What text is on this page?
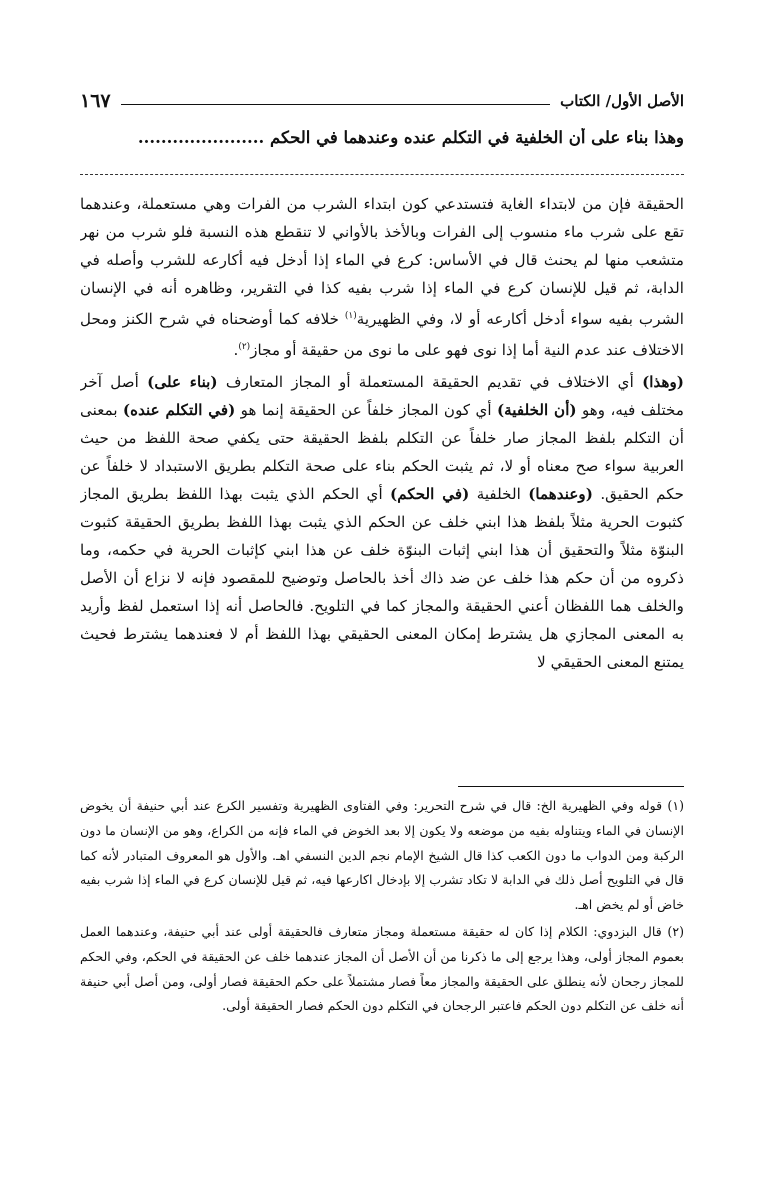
الأصل الأول/ الكتاب
١٦٧
وهذا بناء على أن الخلفية في التكلم عنده وعندهما في الحكم ......................

الحقيقة فإن من لابتداء الغاية فتستدعي كون ابتداء الشرب من الفرات وهي مستعملة، وعندهما تقع على شرب ماء منسوب إلى الفرات وبالأخذ بالأواني لا تنقطع هذه النسبة فلو شرب من نهر متشعب منها لم يحنث قال في الأساس: كرع في الماء إذا أدخل فيه أكارعه للشرب وأصله في الدابة، ثم قيل للإنسان كرع في الماء إذا شرب بفيه كذا في التقرير، وظاهره أنه في الإنسان الشرب بفيه سواء أدخل أكارعه أو لا، وفي الظهيرية$^{(١)}$ خلافه كما أوضحناه في شرح الكنز ومحل الاختلاف عند عدم النية أما إذا نوى فهو على ما نوى من حقيقة أو مجاز$^{(٢)}$.

(وهذا) أي الاختلاف في تقديم الحقيقة المستعملة أو المجاز المتعارف (بناء على) أصل آخر مختلف فيه، وهو (أن الخلفية) أي كون المجاز خلفاً عن الحقيقة إنما هو (في التكلم عنده) بمعنى أن التكلم بلفظ المجاز صار خلفاً عن التكلم بلفظ الحقيقة حتى يكفي صحة اللفظ من حيث العربية سواء صح معناه أو لا، ثم يثبت الحكم بناء على صحة التكلم بطريق الاستبداد لا خلفاً عن حكم الحقيق. (وعندهما) الخلفية (في الحكم) أي الحكم الذي يثبت بهذا اللفظ بطريق المجاز كثبوت الحرية مثلاً بلفظ هذا ابني خلف عن الحكم الذي يثبت بهذا اللفظ بطريق الحقيقة كثبوت البنوّة مثلاً والتحقيق أن هذا ابني إثبات البنوّة خلف عن هذا ابني كإثبات الحرية في حكمه، وما ذكروه من أن حكم هذا خلف عن ضد ذاك أخذ بالحاصل وتوضيح للمقصود فإنه لا نزاع أن الأصل والخلف هما اللفظان أعني الحقيقة والمجاز كما في التلويح. فالحاصل أنه إذا استعمل لفظ وأريد به المعنى المجازي هل يشترط إمكان المعنى الحقيقي بهذا اللفظ أم لا فعندهما يشترط فحيث يمتنع المعنى الحقيقي لا

(١) قوله وفي الظهيرية الخ: قال في شرح التحرير: وفي الفتاوى الظهيرية وتفسير الكرع عند أبي حنيفة أن يخوض الإنسان في الماء ويتناوله بفيه من موضعه ولا يكون إلا بعد الخوض في الماء فإنه من الكراع، وهو من الإنسان ما دون الركبة ومن الدواب ما دون الكعب كذا قال الشيخ الإمام نجم الدين النسفي اهـ. والأول هو المعروف المتبادر لأنه كما قال في التلويح أصل ذلك في الدابة لا تكاد تشرب إلا بإدخال اكارعها فيه، ثم قيل للإنسان كرع في الماء إذا شرب بفيه خاض أو لم يخض اهـ.

(٢) قال البزدوي: الكلام إذا كان له حقيقة مستعملة ومجاز متعارف فالحقيقة أولى عند أبي حنيفة، وعندهما العمل بعموم المجاز أولى، وهذا يرجع إلى ما ذكرنا من أن الأصل أن المجاز عندهما خلف عن الحقيقة في الحكم، وفي الحكم للمجاز رجحان لأنه ينطلق على الحقيقة والمجاز معاً فصار مشتملاً على حكم الحقيقة فصار أولى، ومن أصل أبي حنيفة أنه خلف عن التكلم دون الحكم فاعتبر الرجحان في التكلم دون الحكم فصار الحقيقة أولى.
